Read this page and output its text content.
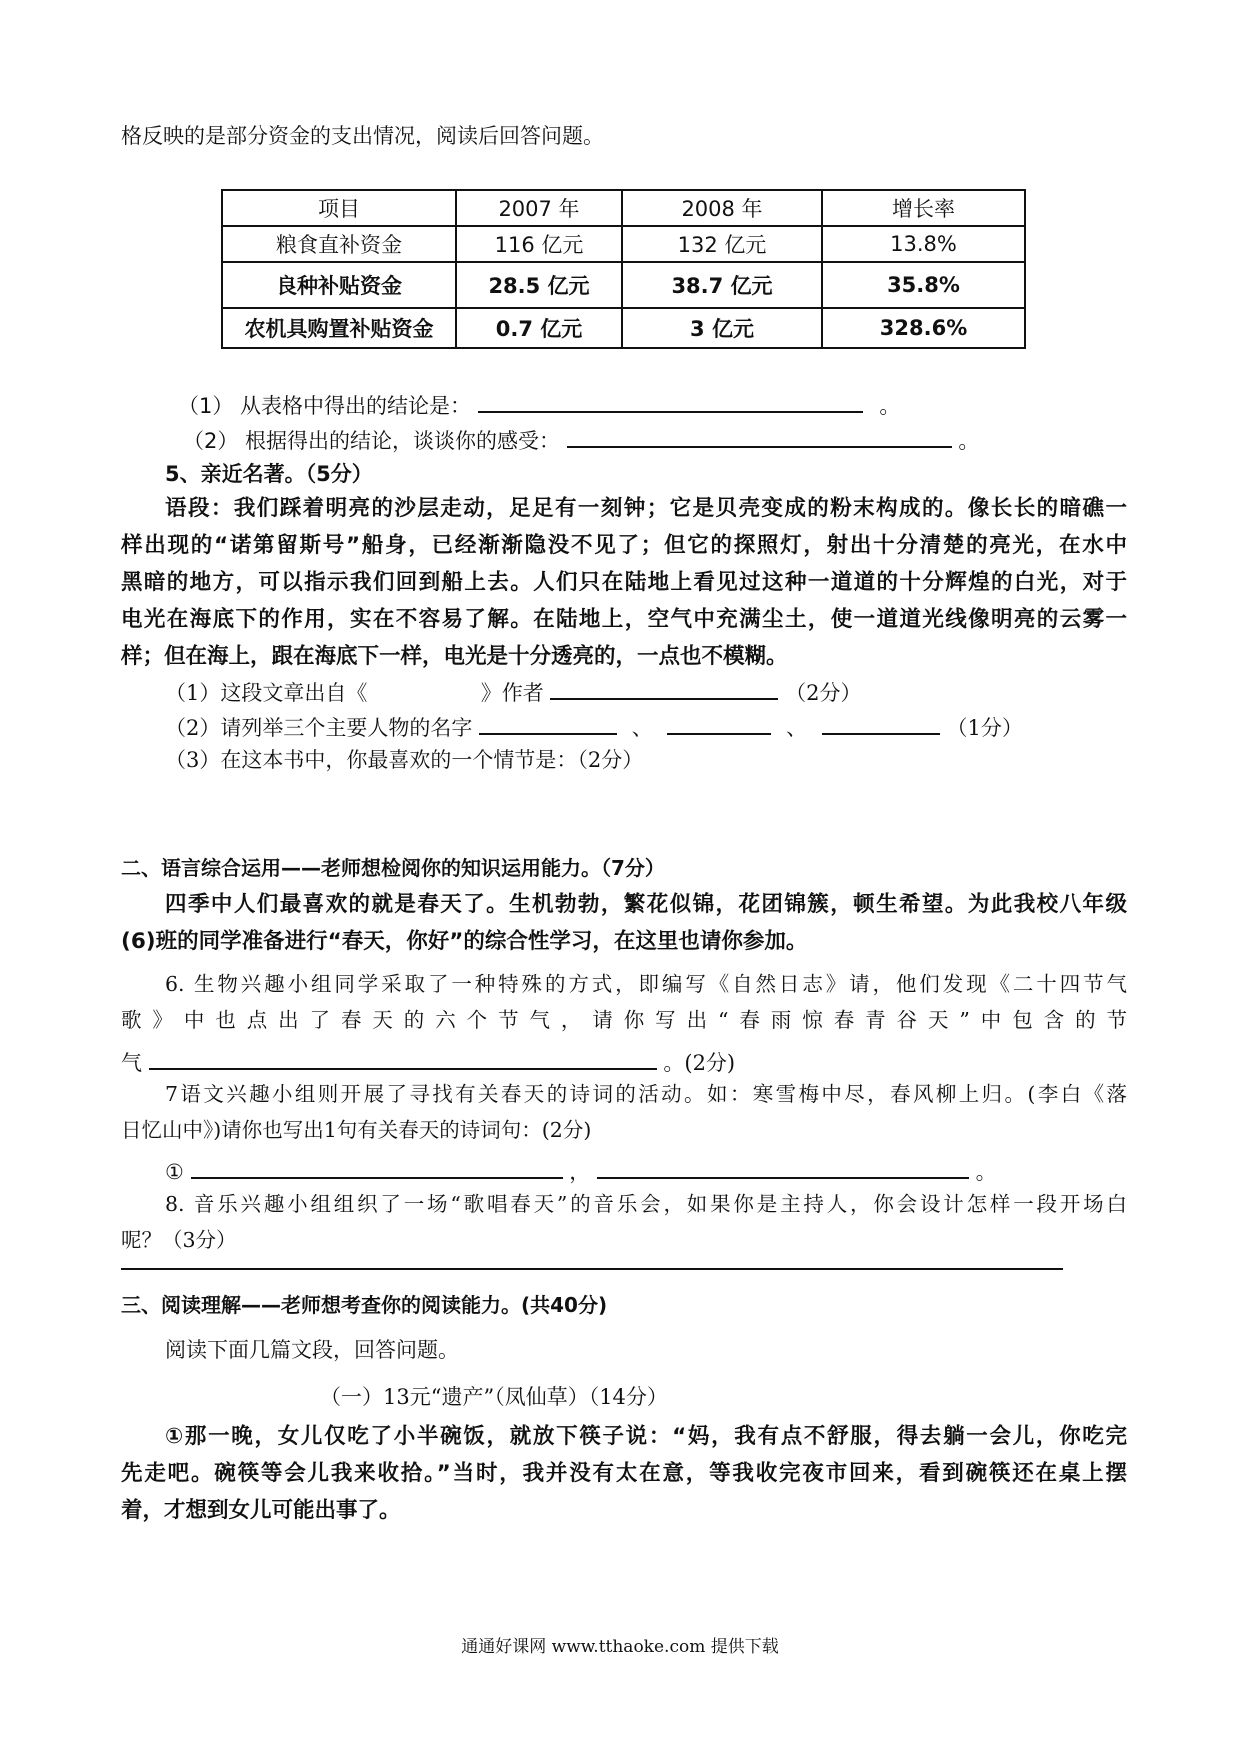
格反映的是部分资金的支出情况，阅读后回答问题。
项目	2007 年	2008 年	增长率
粮食直补资金	116 亿元	132 亿元	13.8%
良种补贴资金	28.5 亿元	38.7 亿元	35.8%
农机具购置补贴资金	0.7 亿元	3 亿元	328.6%
（1） 从表格中得出的结论是：	。
（2） 根据得出的结论，谈谈你的感受：	。
5、亲近名著。（5分）
语段：我们踩着明亮的沙层走动，足足有一刻钟；它是贝壳变成的粉末构成的。像长长的暗礁一
样出现的“诺第留斯号”船身，已经渐渐隐没不见了；但它的探照灯，射出十分清楚的亮光，在水中
黑暗的地方，可以指示我们回到船上去。人们只在陆地上看见过这种一道道的十分辉煌的白光，对于
电光在海底下的作用，实在不容易了解。在陆地上，空气中充满尘土，使一道道光线像明亮的云雾一
样；但在海上，跟在海底下一样，电光是十分透亮的，一点也不模糊。
（1）这段文章出自《	》作者	（2分）
（2）请列举三个主要人物的名字	、	、	（1分）
（3）在这本书中，你最喜欢的一个情节是：（2分）
二、语言综合运用——老师想检阅你的知识运用能力。（7分）
四季中人们最喜欢的就是春天了。生机勃勃，繁花似锦，花团锦簇，顿生希望。为此我校八年级
(6)班的同学准备进行“春天，你好”的综合性学习，在这里也请你参加。
6. 生物兴趣小组同学采取了一种特殊的方式，即编写《自然日志》请，他们发现《二十四节气
歌》中也点出了春天的六个节气，请你写出“春雨惊春青谷天”中包含的节
气	。(2分)
7语文兴趣小组则开展了寻找有关春天的诗词的活动。如：寒雪梅中尽，春风柳上归。(李白《落
日忆山中》)请你也写出1句有关春天的诗词句：(2分)
①	，	。
8. 音乐兴趣小组组织了一场“歌唱春天”的音乐会，如果你是主持人，你会设计怎样一段开场白
呢？（3分）
三、阅读理解——老师想考查你的阅读能力。(共40分)
阅读下面几篇文段，回答问题。
（一）13元“遗产”（凤仙草）（14分）
①那一晚，女儿仅吃了小半碗饭，就放下筷子说：“妈，我有点不舒服，得去躺一会儿，你吃完
先走吧。碗筷等会儿我来收拾。”当时，我并没有太在意，等我收完夜市回来，看到碗筷还在桌上摆
着，才想到女儿可能出事了。
通通好课网 www.tthaoke.com 提供下载
